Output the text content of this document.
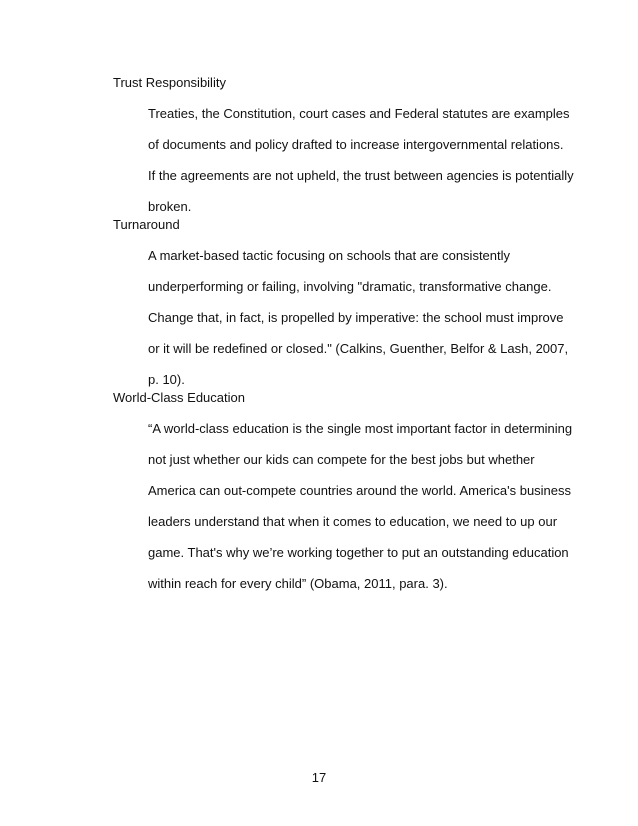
Trust Responsibility

Treaties, the Constitution, court cases and Federal statutes are examples
of documents and policy drafted to increase intergovernmental relations.
If the agreements are not upheld, the trust between agencies is potentially
broken.

Turnaround

A market-based tactic focusing on schools that are consistently
underperforming or failing, involving "dramatic, transformative change.
Change that, in fact, is propelled by imperative: the school must improve
or it will be redefined or closed." (Calkins, Guenther, Belfor & Lash, 2007,
p. 10).

World-Class Education

“A world-class education is the single most important factor in determining
not just whether our kids can compete for the best jobs but whether
America can out-compete countries around the world. America's business
leaders understand that when it comes to education, we need to up our
game. That's why we’re working together to put an outstanding education
within reach for every child” (Obama, 2011, para. 3).

17
